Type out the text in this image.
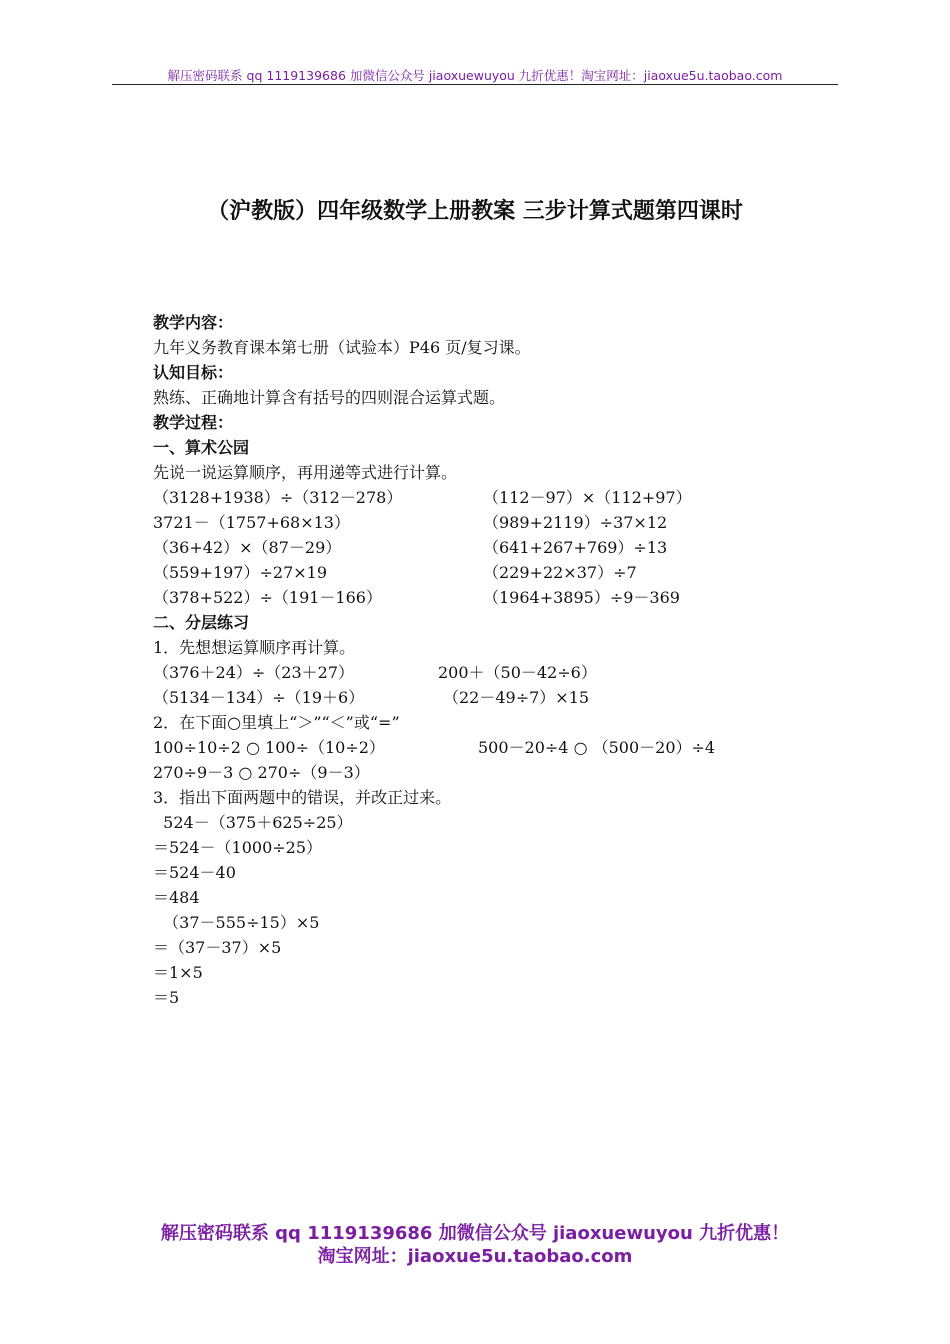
解压密码联系 qq 1119139686 加微信公众号 jiaoxuewuyou 九折优惠！淘宝网址：jiaoxue5u.taobao.com
（沪教版）四年级数学上册教案 三步计算式题第四课时
教学内容：
九年义务教育课本第七册（试验本）P46 页/复习课。
认知目标：
熟练、正确地计算含有括号的四则混合运算式题。
教学过程：
一、算术公园
先说一说运算顺序，再用递等式进行计算。
（3128+1938）÷（312－278）	（112－97）×（112+97）
3721－（1757+68×13）	（989+2119）÷37×12
（36+42）×（87－29）	（641+267+769）÷13
（559+197）÷27×19	（229+22×37）÷7
（378+522）÷（191－166）	（1964+3895）÷9－369
二、分层练习
1．先想想运算顺序再计算。
（376＋24）÷（23＋27）	200＋（50－42÷6）
（5134－134）÷（19＋6）	（22－49÷7）×15
2．在下面○里填上“＞”“＜”或“=”
100÷10÷2 ○ 100÷（10÷2）	500－20÷4 ○ （500－20）÷4
270÷9－3 ○ 270÷（9－3）
3．指出下面两题中的错误，并改正过来。
524－（375＋625÷25）
＝524－（1000÷25）
＝524－40
＝484
（37－555÷15）×5
＝（37－37）×5
＝1×5
＝5
解压密码联系 qq 1119139686 加微信公众号 jiaoxuewuyou 九折优惠！
淘宝网址：jiaoxue5u.taobao.com
